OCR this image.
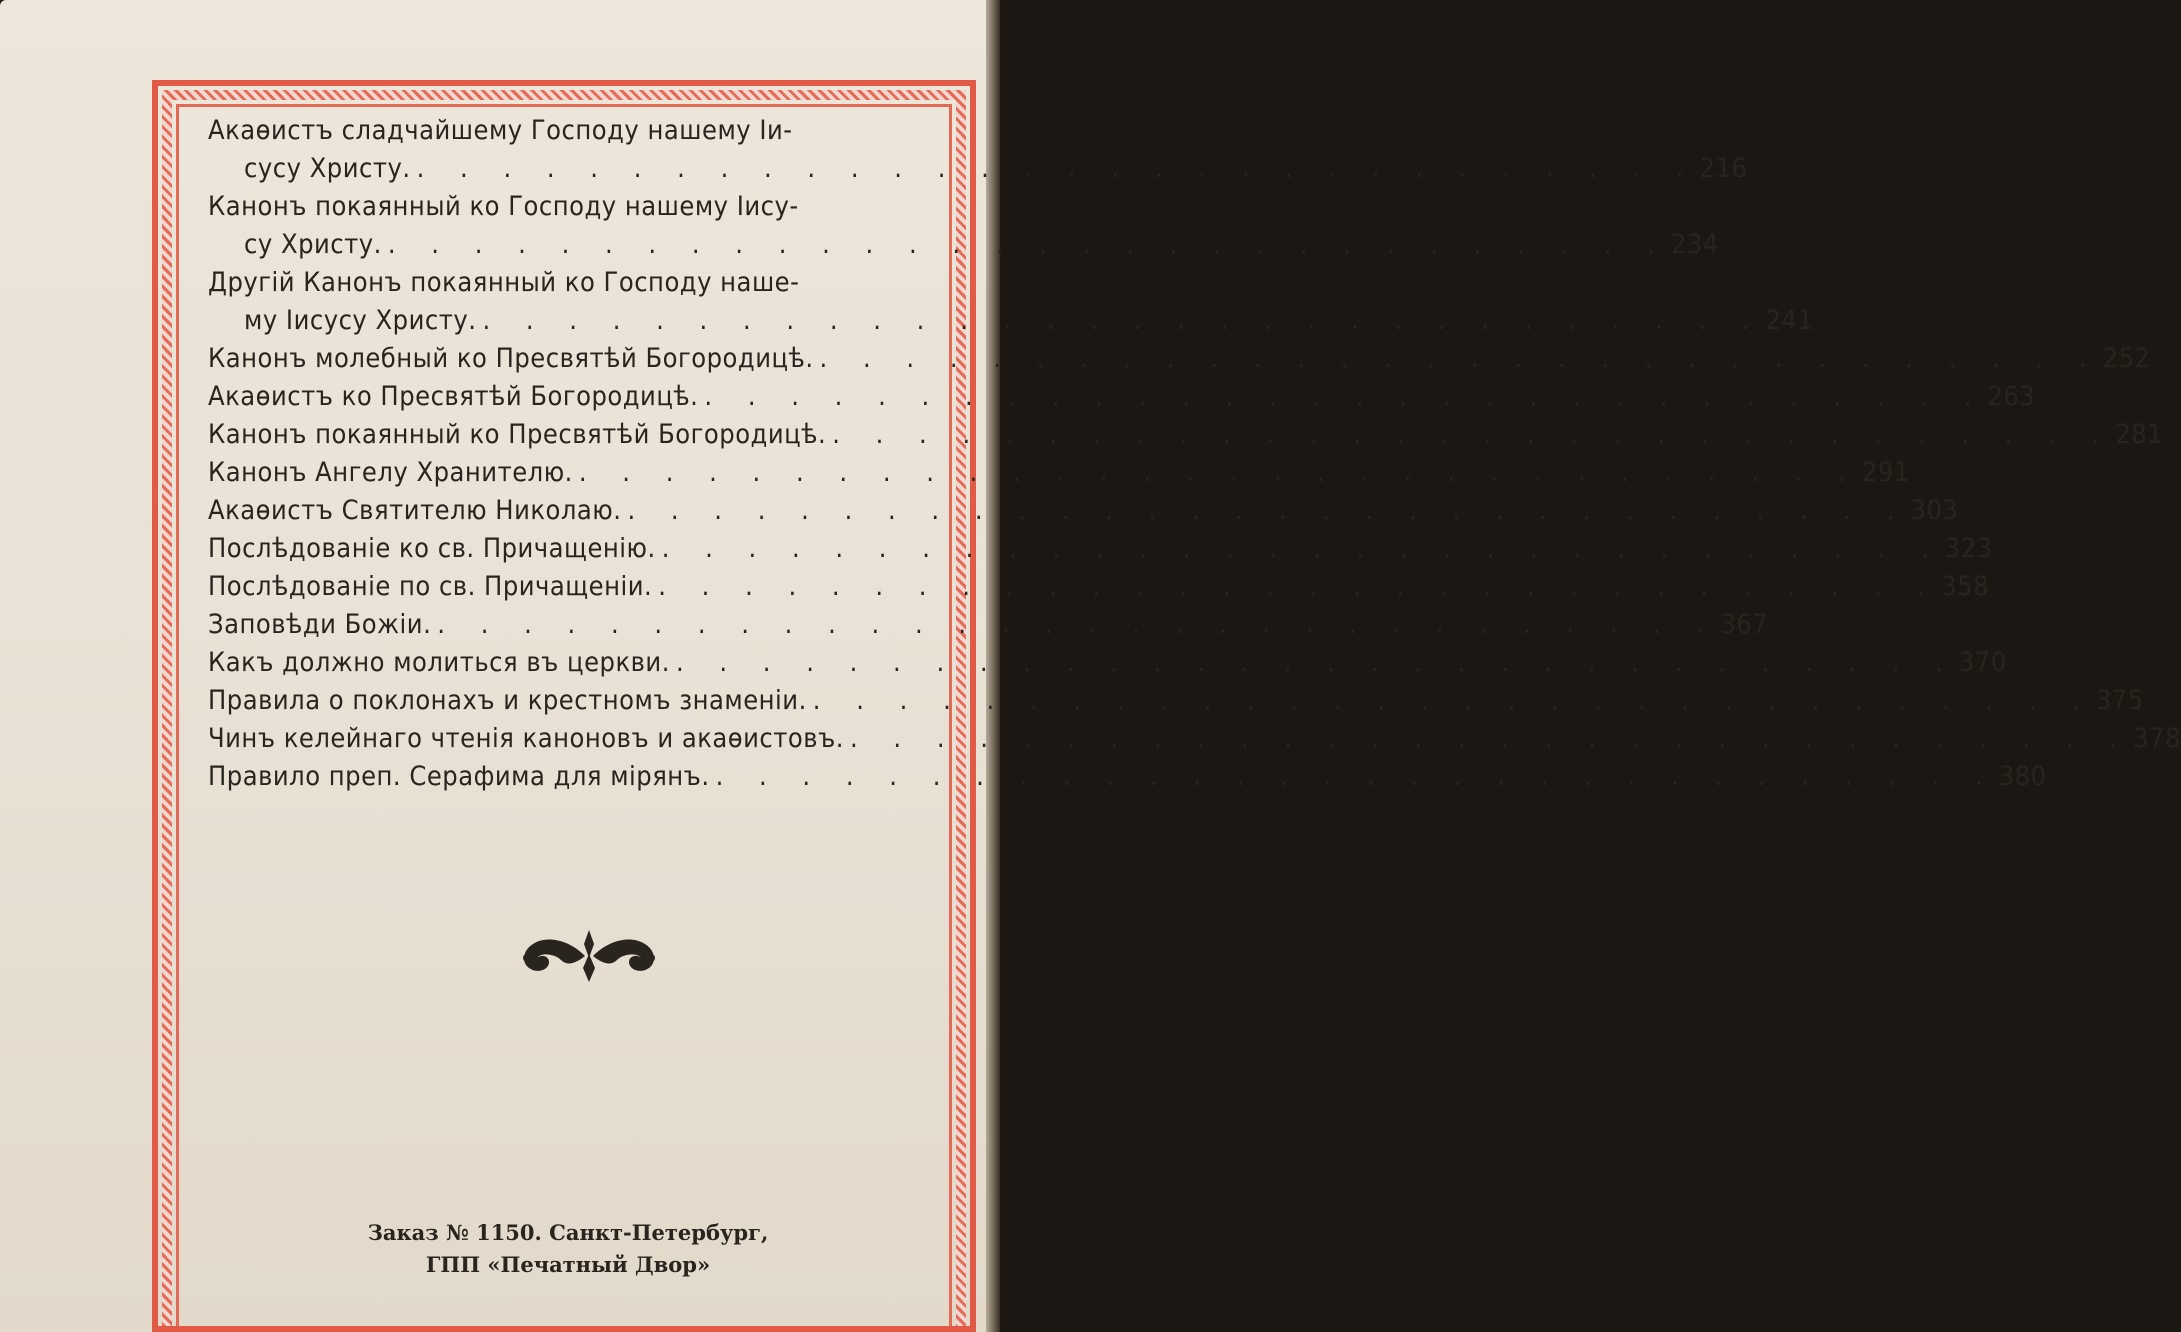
Акаѳистъ сладчайшему Господу нашему Іи-
сусу Христу. . . . . . . . . . . . . . . . . . . . . . . . . . . . . . . 216
Канонъ покаянный ко Господу нашему Іису-
су Христу. . . . . . . . . . . . . . . . . . . . . . . . . . . . . . . 234
Другій Канонъ покаянный ко Господу наше-
му Іисусу Христу. . . . . . . . . . . . . . . . . . . . . . . . . . . . . . . 241
Канонъ молебный ко Пресвятѣй Богородицѣ. . . . . . . . . . . . . . . . . . . . . . . . . . . . . . . 252
Акаѳистъ ко Пресвятѣй Богородицѣ. . . . . . . . . . . . . . . . . . . . . . . . . . . . . . . 263
Канонъ покаянный ко Пресвятѣй Богородицѣ. . . . . . . . . . . . . . . . . . . . . . . . . . . . . . . 281
Канонъ Ангелу Хранителю. . . . . . . . . . . . . . . . . . . . . . . . . . . . . . . 291
Акаѳистъ Святителю Николаю. . . . . . . . . . . . . . . . . . . . . . . . . . . . . . . 303
Послѣдованіе ко св. Причащенію. . . . . . . . . . . . . . . . . . . . . . . . . . . . . . . 323
Послѣдованіе по св. Причащеніи. . . . . . . . . . . . . . . . . . . . . . . . . . . . . . . 358
Заповѣди Божіи. . . . . . . . . . . . . . . . . . . . . . . . . . . . . . . 367
Какъ должно молиться въ церкви. . . . . . . . . . . . . . . . . . . . . . . . . . . . . . . 370
Правила о поклонахъ и крестномъ знаменіи. . . . . . . . . . . . . . . . . . . . . . . . . . . . . . . 375
Чинъ келейнаго чтенія каноновъ и акаѳистовъ. . . . . . . . . . . . . . . . . . . . . . . . . . . . . . . 378
Правило преп. Серафима для мірянъ. . . . . . . . . . . . . . . . . . . . . . . . . . . . . . . 380
Заказ № 1150. Санкт-Петербург,
ГПП «Печатный Двор»
